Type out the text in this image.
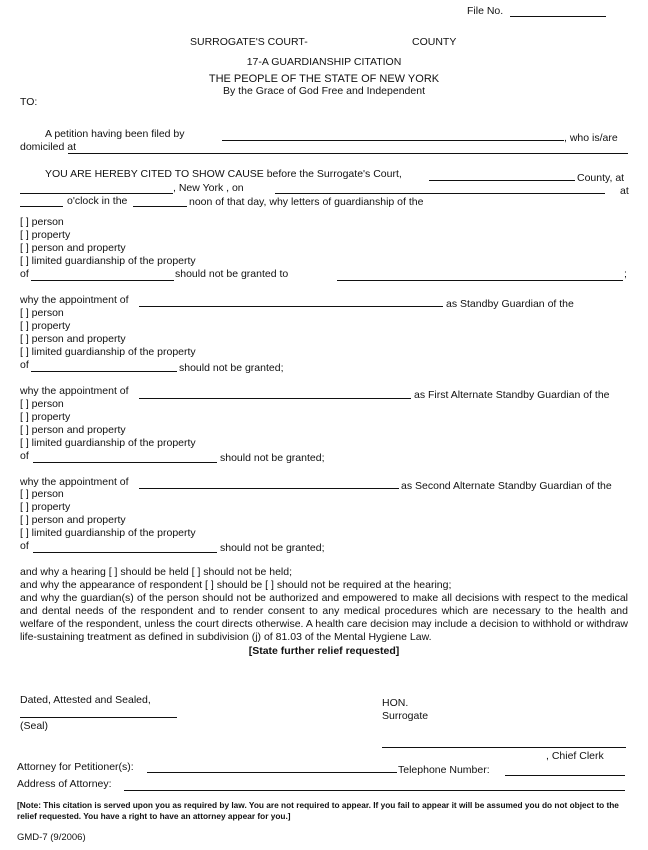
File No.
SURROGATE'S COURT-	COUNTY
17-A GUARDIANSHIP CITATION
THE PEOPLE OF THE STATE OF NEW YORK
By the Grace of God Free and Independent
TO:
A petition having been filed by	, who is/are
domiciled at
YOU ARE HEREBY CITED TO SHOW CAUSE before the Surrogate's Court,	County, at
, New York , on	at
o'clock in the	noon of that day, why letters of guardianship of the
[ ] person
[ ] property
[ ] person and property
[ ] limited guardianship of the property
of	should not be granted to	;
why the appointment of	as Standby Guardian of the
[ ] person
[ ] property
[ ] person and property
[ ] limited guardianship of the property
of	should not be granted;
why the appointment of	as First Alternate Standby Guardian of the
[ ] person
[ ] property
[ ] person and property
[ ] limited guardianship of the property
of	should not be granted;
why the appointment of	as Second Alternate Standby Guardian of the
[ ] person
[ ] property
[ ] person and property
[ ] limited guardianship of the property
of	should not be granted;
and why a hearing [ ] should be held [ ] should not be held;
and why the appearance of respondent [ ] should be [ ] should not be required at the hearing;
and why the guardian(s) of the person should not be authorized and empowered to make all decisions with respect to the medical and dental needs of the respondent and to render consent to any medical procedures which are necessary to the health and welfare of the respondent, unless the court directs otherwise. A health care decision may include a decision to withhold or withdraw life-sustaining treatment as defined in subdivision (j) of 81.03 of the Mental Hygiene Law.
[State further relief requested]
Dated, Attested and Sealed,
(Seal)
HON.
Surrogate
, Chief Clerk
Attorney for Petitioner(s):	Telephone Number:
Address of Attorney:
[Note: This citation is served upon you as required by law. You are not required to appear. If you fail to appear it will be assumed you do not object to the relief requested. You have a right to have an attorney appear for you.]
GMD-7 (9/2006)
